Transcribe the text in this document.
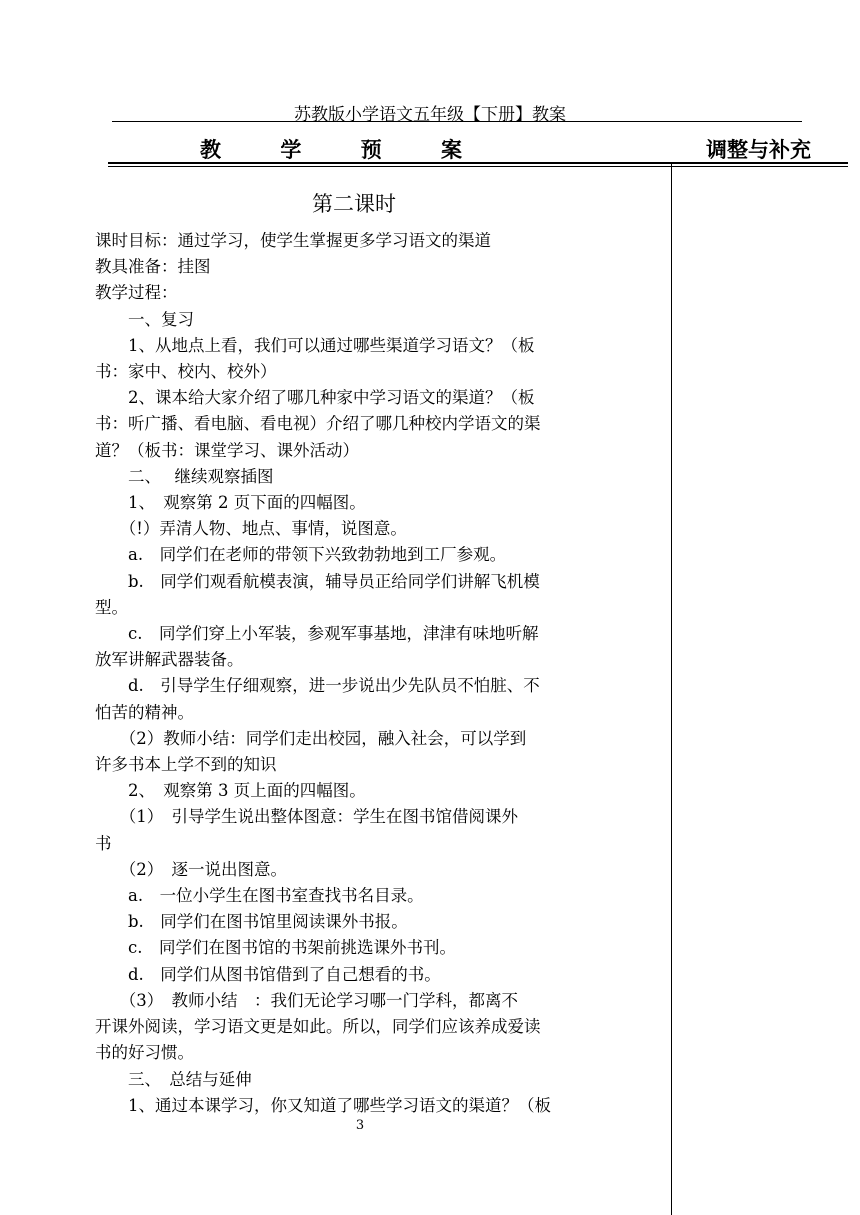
苏教版小学语文五年级【下册】教案
教	学	预	案	调整与补充
第二课时
课时目标：通过学习，使学生掌握更多学习语文的渠道
教具准备：挂图
教学过程：
　　一、复习
　　1、从地点上看，我们可以通过哪些渠道学习语文？（板
书：家中、校内、校外）
　　2、课本给大家介绍了哪几种家中学习语文的渠道？（板
书：听广播、看电脑、看电视）介绍了哪几种校内学语文的渠
道？（板书：课堂学习、课外活动）
　　二、　 继续观察插图
　　1、　观察第 2 页下面的四幅图。
　　（!）弄清人物、地点、事情，说图意。
　　a.　同学们在老师的带领下兴致勃勃地到工厂参观。
　　b.　同学们观看航模表演，辅导员正给同学们讲解飞机模
型。
　　c.　同学们穿上小军装，参观军事基地，津津有味地听解
放军讲解武器装备。
　　d.　引导学生仔细观察，进一步说出少先队员不怕脏、不
怕苦的精神。
　　（2）教师小结：同学们走出校园，融入社会，可以学到
许多书本上学不到的知识
　　2、　观察第 3 页上面的四幅图。
　　（1）　引导学生说出整体图意：学生在图书馆借阅课外
书
　　（2）　逐一说出图意。
　　a.　一位小学生在图书室查找书名目录。
　　b.　同学们在图书馆里阅读课外书报。
　　c.　同学们在图书馆的书架前挑选课外书刊。
　　d.　同学们从图书馆借到了自己想看的书。
　　（3）　教师小结　：我们无论学习哪一门学科，都离不
开课外阅读，学习语文更是如此。所以，同学们应该养成爱读
书的好习惯。
　　三、　总结与延伸
　　1、通过本课学习，你又知道了哪些学习语文的渠道？（板
3
